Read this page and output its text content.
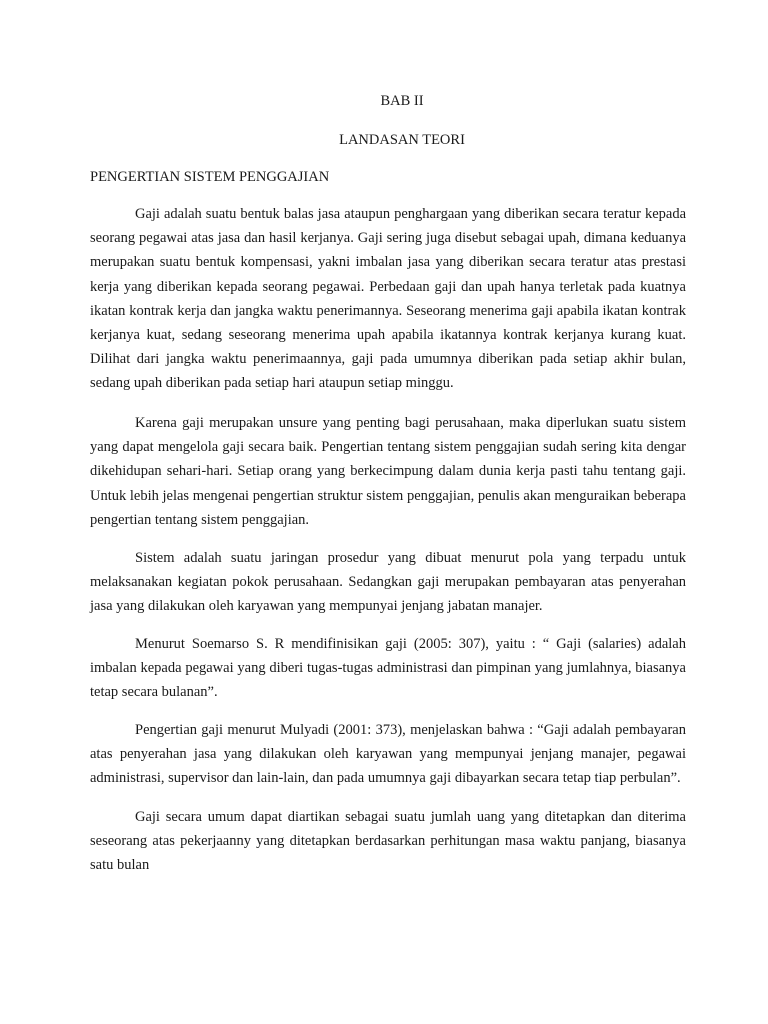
BAB II
LANDASAN TEORI
PENGERTIAN SISTEM PENGGAJIAN

Gaji adalah suatu bentuk balas jasa ataupun penghargaan yang diberikan secara teratur kepada seorang pegawai atas jasa dan hasil kerjanya. Gaji sering juga disebut sebagai upah, dimana keduanya merupakan suatu bentuk kompensasi, yakni imbalan jasa yang diberikan secara teratur atas prestasi kerja yang diberikan kepada seorang pegawai. Perbedaan gaji dan upah hanya terletak pada kuatnya ikatan kontrak kerja dan jangka waktu penerimannya. Seseorang menerima gaji apabila ikatan kontrak kerjanya kuat, sedang seseorang menerima upah apabila ikatannya kontrak kerjanya kurang kuat. Dilihat dari jangka waktu penerimaannya, gaji pada umumnya diberikan pada setiap akhir bulan, sedang upah diberikan pada setiap hari ataupun setiap minggu.

Karena gaji merupakan unsure yang penting bagi perusahaan, maka diperlukan suatu sistem yang dapat mengelola gaji secara baik. Pengertian tentang sistem penggajian sudah sering kita dengar dikehidupan sehari-hari. Setiap orang yang berkecimpung dalam dunia kerja pasti tahu tentang gaji. Untuk lebih jelas mengenai pengertian struktur sistem penggajian, penulis akan menguraikan beberapa pengertian tentang sistem penggajian.

Sistem adalah suatu jaringan prosedur yang dibuat menurut pola yang terpadu untuk melaksanakan kegiatan pokok perusahaan. Sedangkan gaji merupakan pembayaran atas penyerahan jasa yang dilakukan oleh karyawan yang mempunyai jenjang jabatan manajer.

Menurut Soemarso S. R mendifinisikan gaji (2005: 307), yaitu : “ Gaji (salaries) adalah imbalan kepada pegawai yang diberi tugas-tugas administrasi dan pimpinan yang jumlahnya, biasanya tetap secara bulanan”.

Pengertian gaji menurut Mulyadi (2001: 373), menjelaskan bahwa : “Gaji adalah pembayaran atas penyerahan jasa yang dilakukan oleh karyawan yang mempunyai jenjang manajer, pegawai administrasi, supervisor dan lain-lain, dan pada umumnya gaji dibayarkan secara tetap tiap perbulan”.

Gaji secara umum dapat diartikan sebagai suatu jumlah uang yang ditetapkan dan diterima seseorang atas pekerjaanny yang ditetapkan berdasarkan perhitungan masa waktu panjang, biasanya satu bulan
